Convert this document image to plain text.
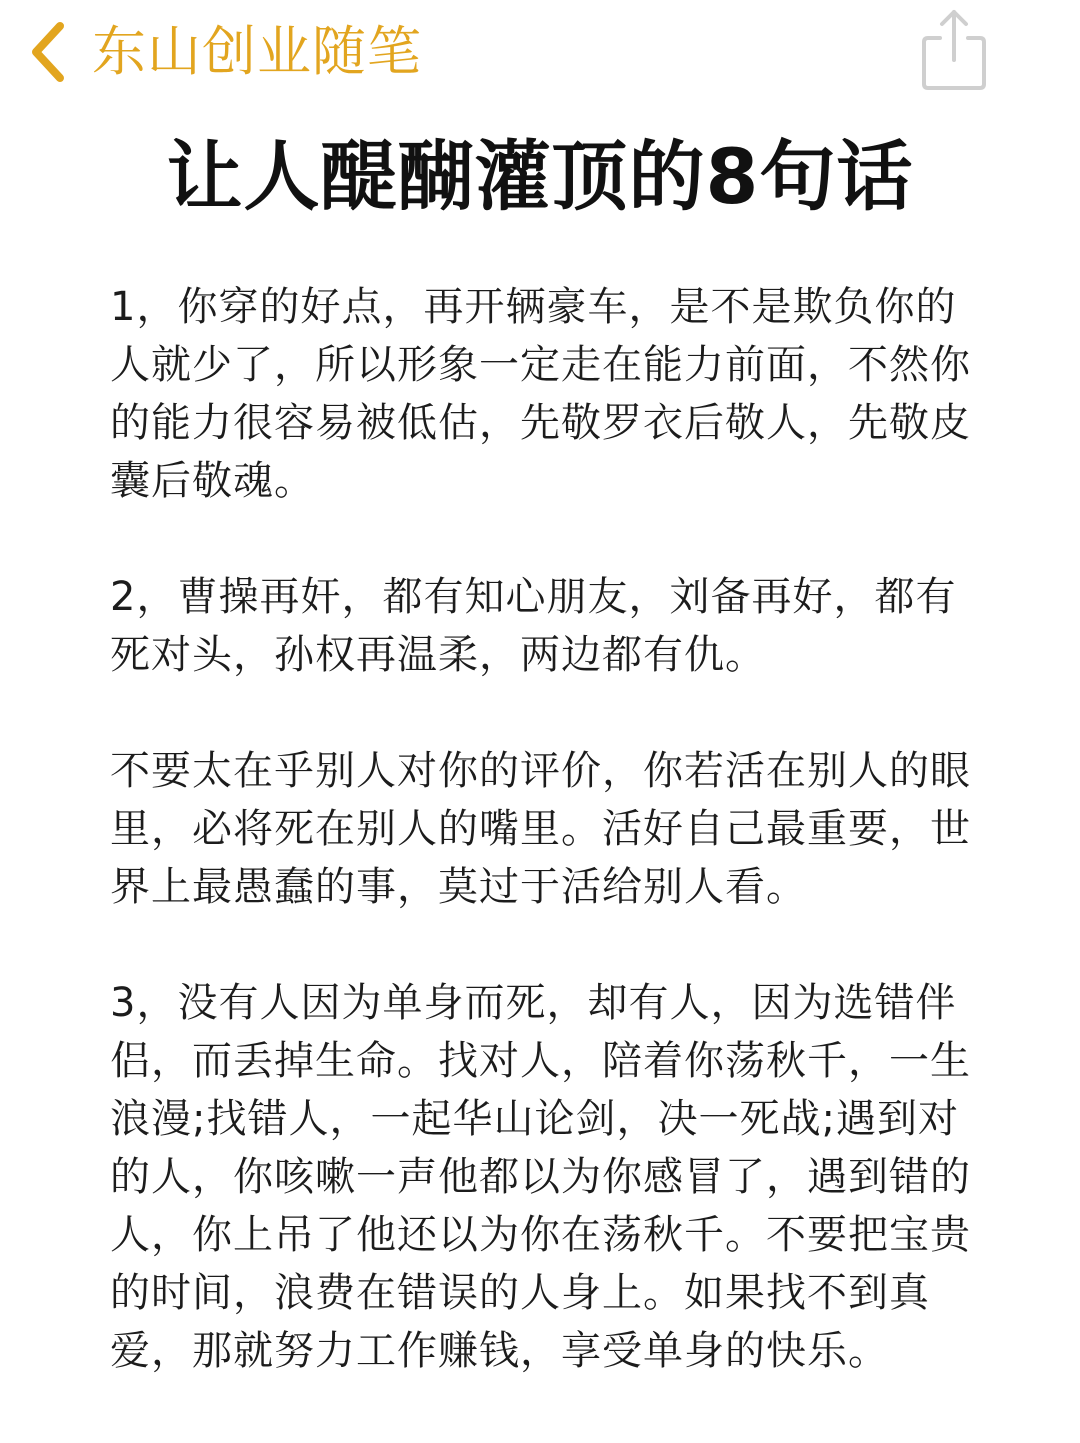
东山创业随笔
让人醍醐灌顶的8句话

1，你穿的好点，再开辆豪车，是不是欺负你的人就少了，所以形象一定走在能力前面，不然你的能力很容易被低估，先敬罗衣后敬人，先敬皮囊后敬魂。

2，曹操再奸，都有知心朋友，刘备再好，都有死对头，孙权再温柔，两边都有仇。

不要太在乎别人对你的评价，你若活在别人的眼里，必将死在别人的嘴里。活好自己最重要，世界上最愚蠢的事，莫过于活给别人看。

3，没有人因为单身而死，却有人，因为选错伴侣，而丢掉生命。找对人，陪着你荡秋千，一生浪漫;找错人，一起华山论剑，决一死战;遇到对的人，你咳嗽一声他都以为你感冒了，遇到错的人，你上吊了他还以为你在荡秋千。不要把宝贵的时间，浪费在错误的人身上。如果找不到真爱，那就努力工作赚钱，享受单身的快乐。
